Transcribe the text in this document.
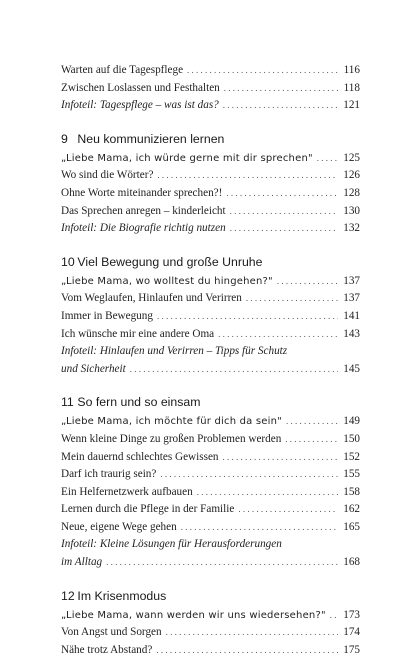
Warten auf die Tagespflege . . .	116
Zwischen Loslassen und Festhalten . . .	118
Infoteil: Tagespflege – was ist das? . . .	121
9 Neu kommunizieren lernen
„Liebe Mama, ich würde gerne mit dir sprechen" . . .	125
Wo sind die Wörter? . . .	126
Ohne Worte miteinander sprechen?! . . .	128
Das Sprechen anregen – kinderleicht . . .	130
Infoteil: Die Biografie richtig nutzen . . .	132
10 Viel Bewegung und große Unruhe
„Liebe Mama, wo wolltest du hingehen?" . . .	137
Vom Weglaufen, Hinlaufen und Verirren . . .	137
Immer in Bewegung . . .	141
Ich wünsche mir eine andere Oma . . .	143
Infoteil: Hinlaufen und Verirren – Tipps für Schutz
und Sicherheit . . .	145
11 So fern und so einsam
„Liebe Mama, ich möchte für dich da sein" . . .	149
Wenn kleine Dinge zu großen Problemen werden . . .	150
Mein dauernd schlechtes Gewissen . . .	152
Darf ich traurig sein? . . .	155
Ein Helfernetzwerk aufbauen . . .	158
Lernen durch die Pflege in der Familie . . .	162
Neue, eigene Wege gehen . . .	165
Infoteil: Kleine Lösungen für Herausforderungen
im Alltag . . .	168
12 Im Krisenmodus
„Liebe Mama, wann werden wir uns wiedersehen?" . . . 173
Von Angst und Sorgen . . .	174
Nähe trotz Abstand? . . .	175
